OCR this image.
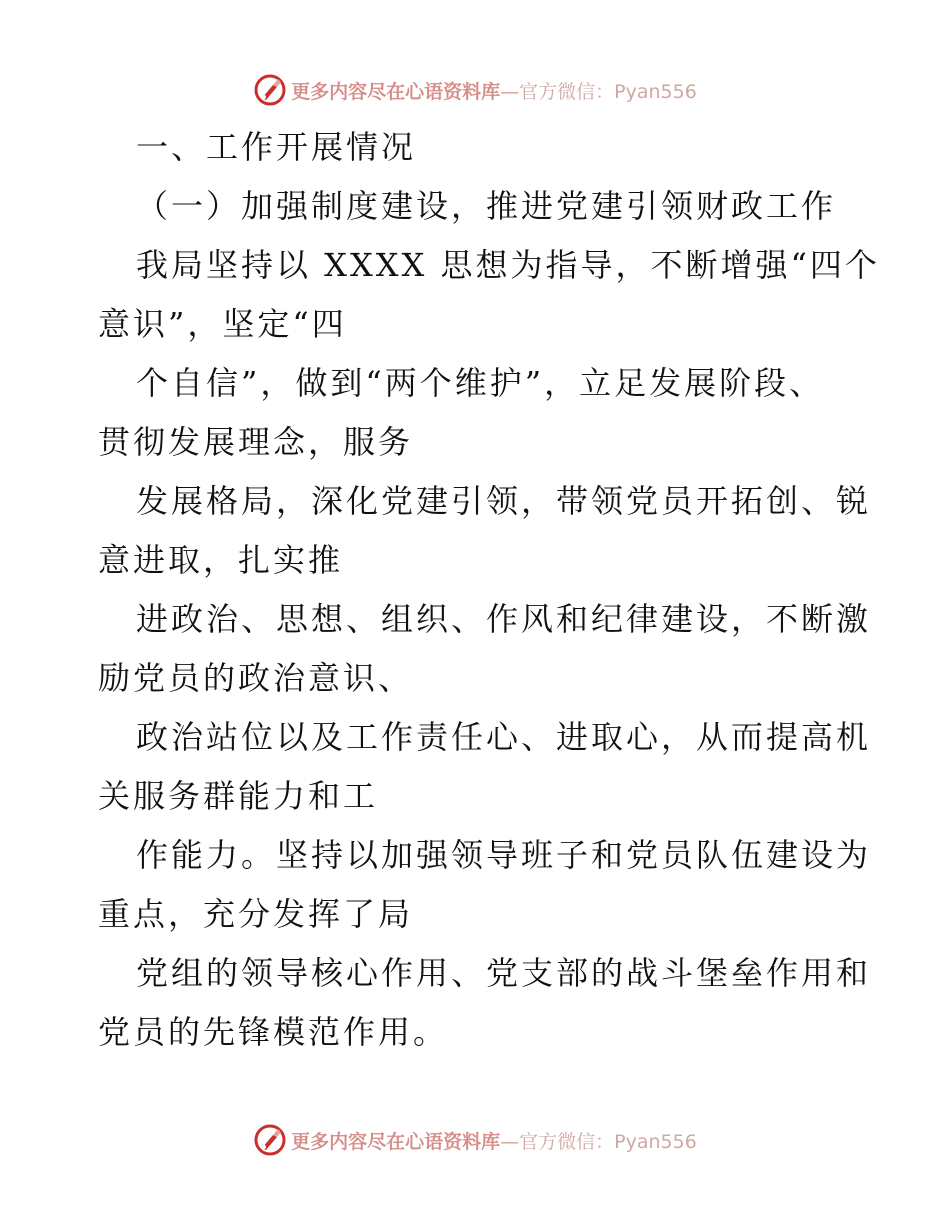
更多内容尽在心语资料库—官方微信：Pyan556
一、工作开展情况
（一）加强制度建设，推进党建引领财政工作
我局坚持以 XXXX 思想为指导，不断增强“四个
意识”，坚定“四
个自信”，做到“两个维护”，立足发展阶段、
贯彻发展理念，服务
发展格局，深化党建引领，带领党员开拓创、锐
意进取，扎实推
进政治、思想、组织、作风和纪律建设，不断激
励党员的政治意识、
政治站位以及工作责任心、进取心，从而提高机
关服务群能力和工
作能力。坚持以加强领导班子和党员队伍建设为
重点，充分发挥了局
党组的领导核心作用、党支部的战斗堡垒作用和
党员的先锋模范作用。
更多内容尽在心语资料库—官方微信：Pyan556
